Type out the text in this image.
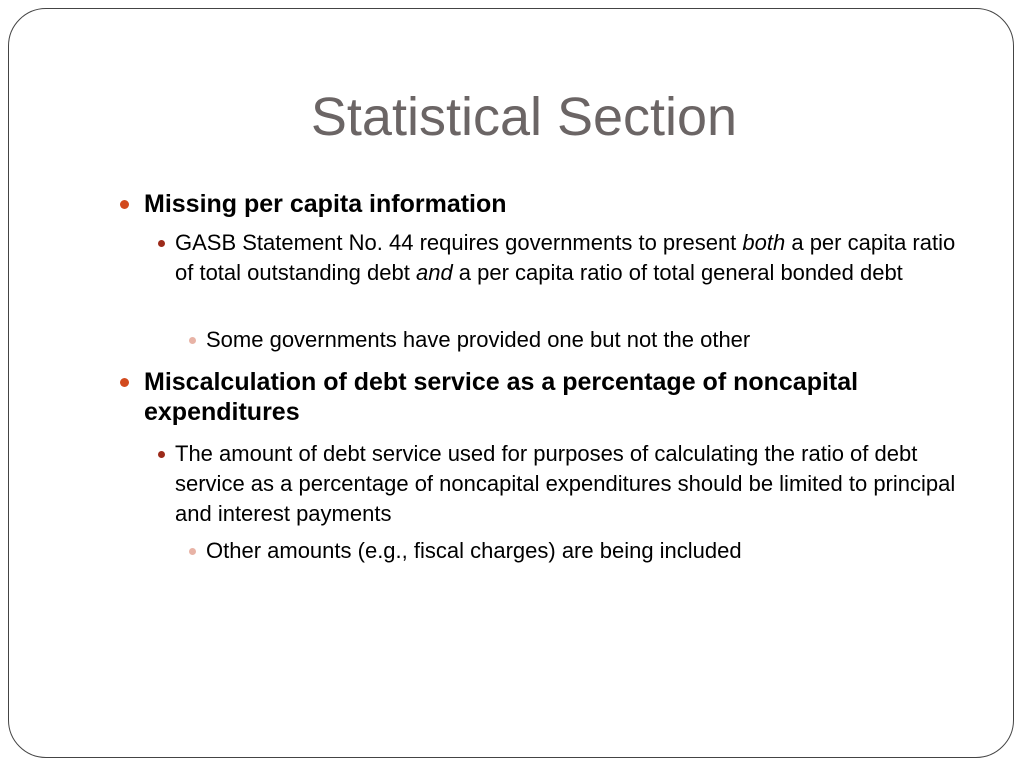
Statistical Section
Missing per capita information
GASB Statement No. 44 requires governments to present both a per capita ratio of total outstanding debt and a per capita ratio of total general bonded debt
Some governments have provided one but not the other
Miscalculation of debt service as a percentage of noncapital expenditures
The amount of debt service used for purposes of calculating the ratio of debt service as a percentage of noncapital expenditures should be limited to principal and interest payments
Other amounts (e.g., fiscal charges) are being included
